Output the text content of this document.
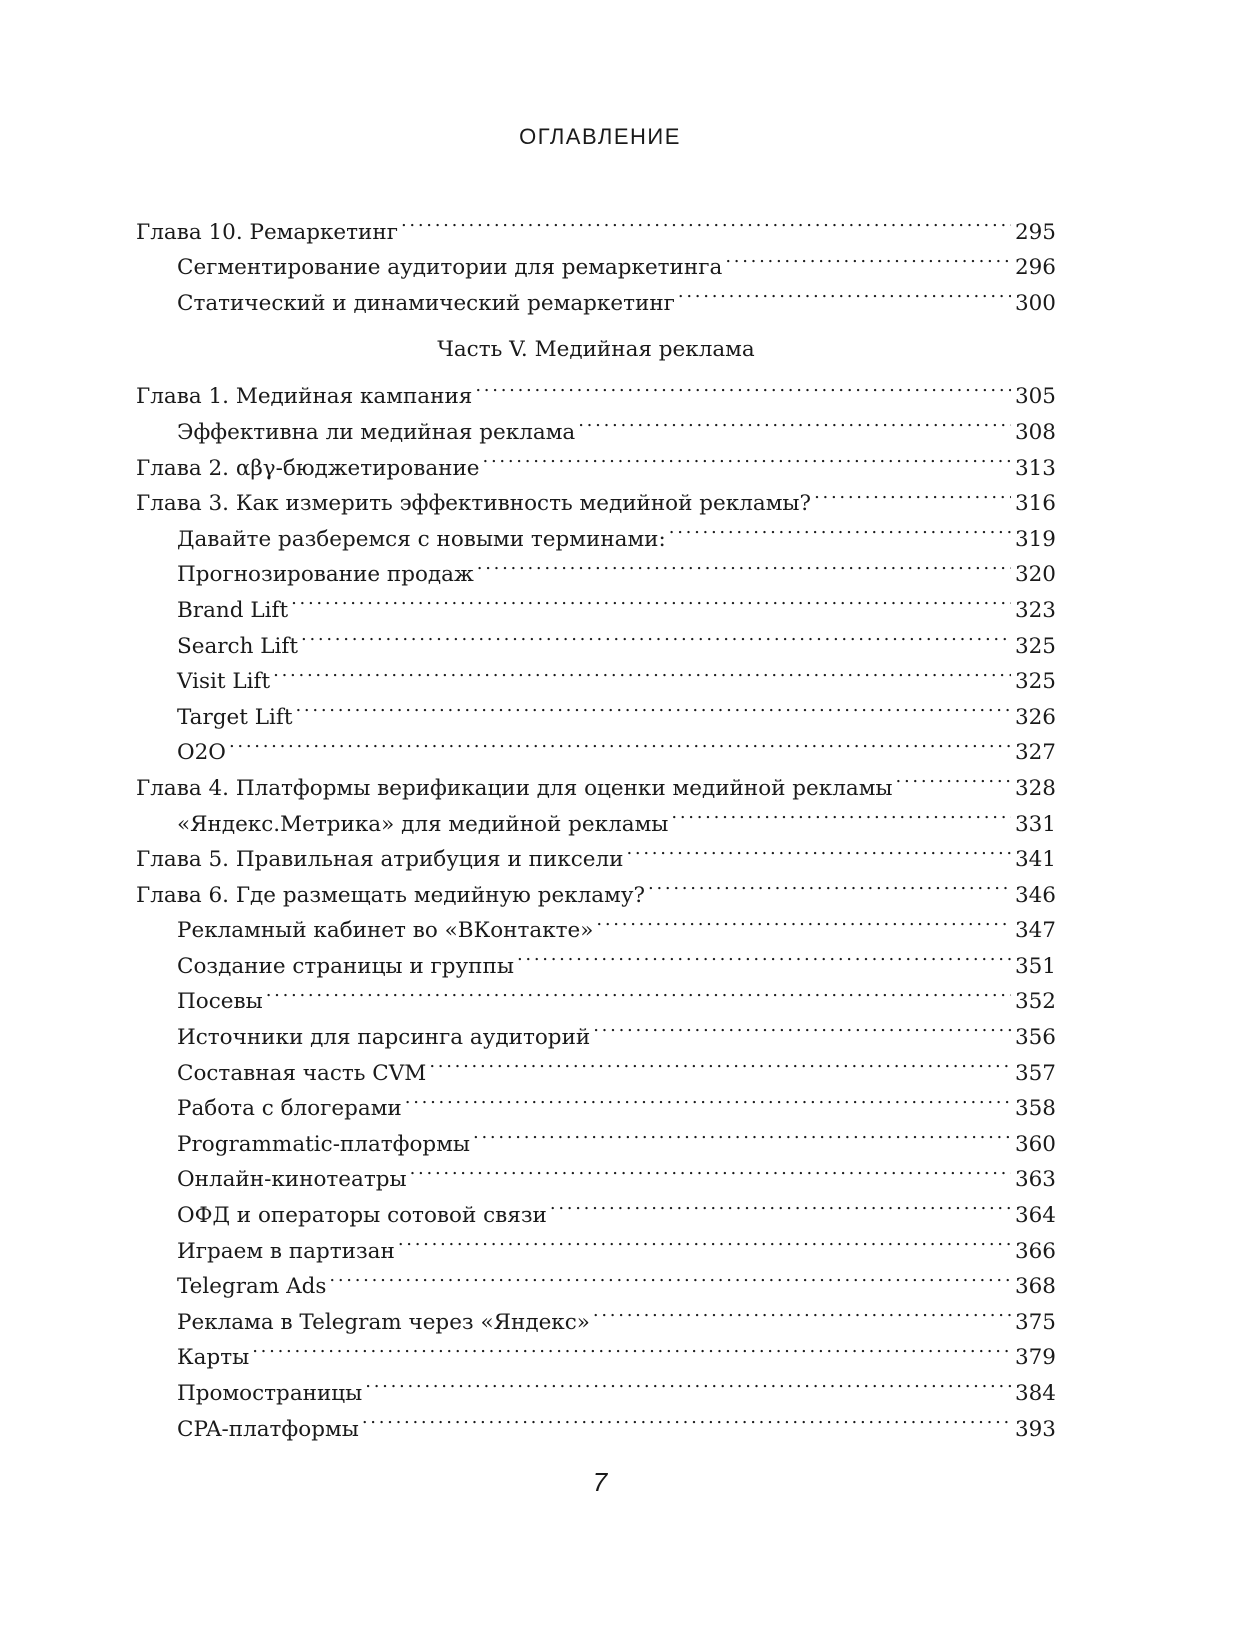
ОГЛАВЛЕНИЕ
Глава 10. Ремаркетинг . . .	295
Сегментирование аудитории для ремаркетинга . . .	296
Статический и динамический ремаркетинг . . .	300
Часть V. Медийная реклама
Глава 1. Медийная кампания . . .	305
Эффективна ли медийная реклама . . .	308
Глава 2. αβγ-бюджетирование . . .	313
Глава 3. Как измерить эффективность медийной рекламы? . . .	316
Давайте разберемся с новыми терминами: . . .	319
Прогнозирование продаж . . .	320
Brand Lift . . .	323
Search Lift . . .	325
Visit Lift . . .	325
Target Lift . . .	326
O2O . . .	327
Глава 4. Платформы верификации для оценки медийной рекламы . . .	328
«Яндекс.Метрика» для медийной рекламы . . .	331
Глава 5. Правильная атрибуция и пиксели . . .	341
Глава 6. Где размещать медийную рекламу? . . .	346
Рекламный кабинет во «ВКонтакте» . . .	347
Создание страницы и группы . . .	351
Посевы . . .	352
Источники для парсинга аудиторий . . .	356
Составная часть CVM . . .	357
Работа с блогерами . . .	358
Programmatic-платформы . . .	360
Онлайн-кинотеатры . . .	363
ОФД и операторы сотовой связи . . .	364
Играем в партизан . . .	366
Telegram Ads . . .	368
Реклама в Telegram через «Яндекс» . . .	375
Карты . . .	379
Промостраницы . . .	384
CPA-платформы . . .	393
7
